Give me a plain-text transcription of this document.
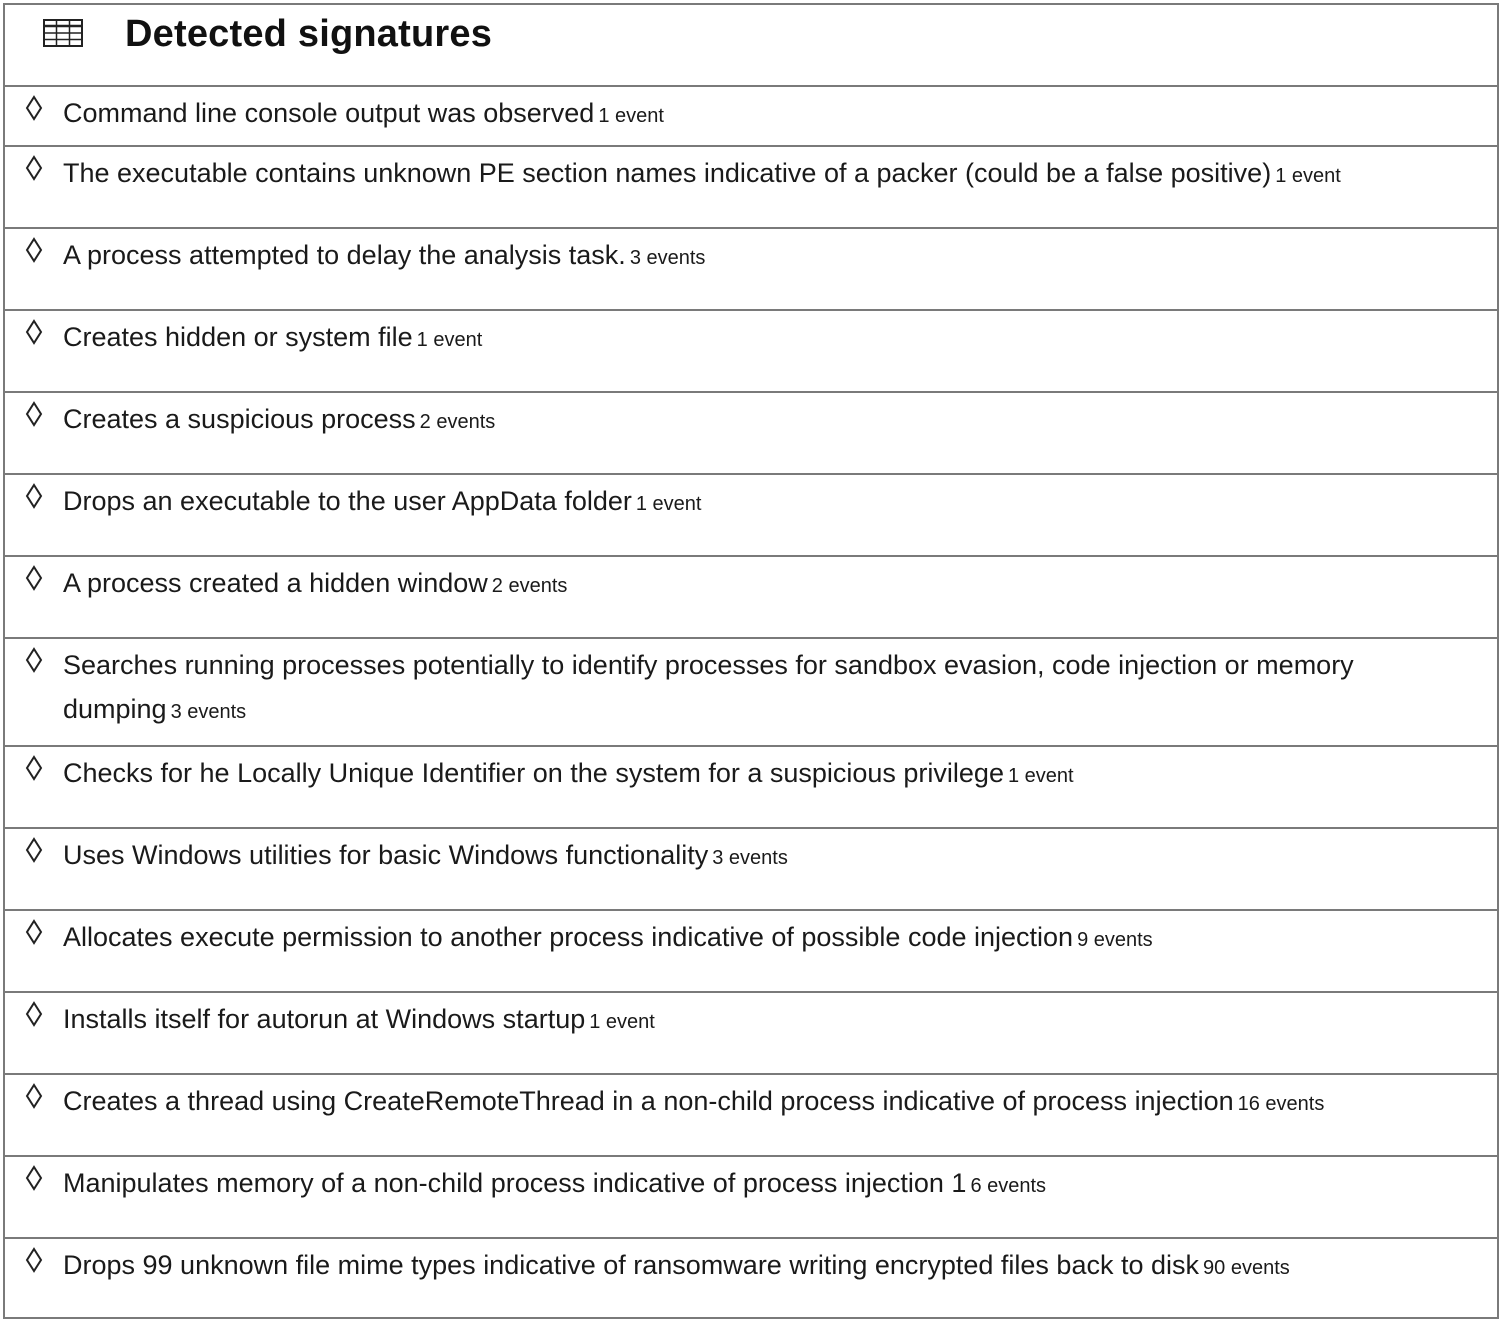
Detected signatures
Command line console output was observed 1 event
The executable contains unknown PE section names indicative of a packer (could be a false positive) 1 event
A process attempted to delay the analysis task. 3 events
Creates hidden or system file 1 event
Creates a suspicious process 2 events
Drops an executable to the user AppData folder 1 event
A process created a hidden window 2 events
Searches running processes potentially to identify processes for sandbox evasion, code injection or memory dumping 3 events
Checks for he Locally Unique Identifier on the system for a suspicious privilege 1 event
Uses Windows utilities for basic Windows functionality 3 events
Allocates execute permission to another process indicative of possible code injection 9 events
Installs itself for autorun at Windows startup 1 event
Creates a thread using CreateRemoteThread in a non-child process indicative of process injection 16 events
Manipulates memory of a non-child process indicative of process injection 1 6 events
Drops 99 unknown file mime types indicative of ransomware writing encrypted files back to disk 90 events
